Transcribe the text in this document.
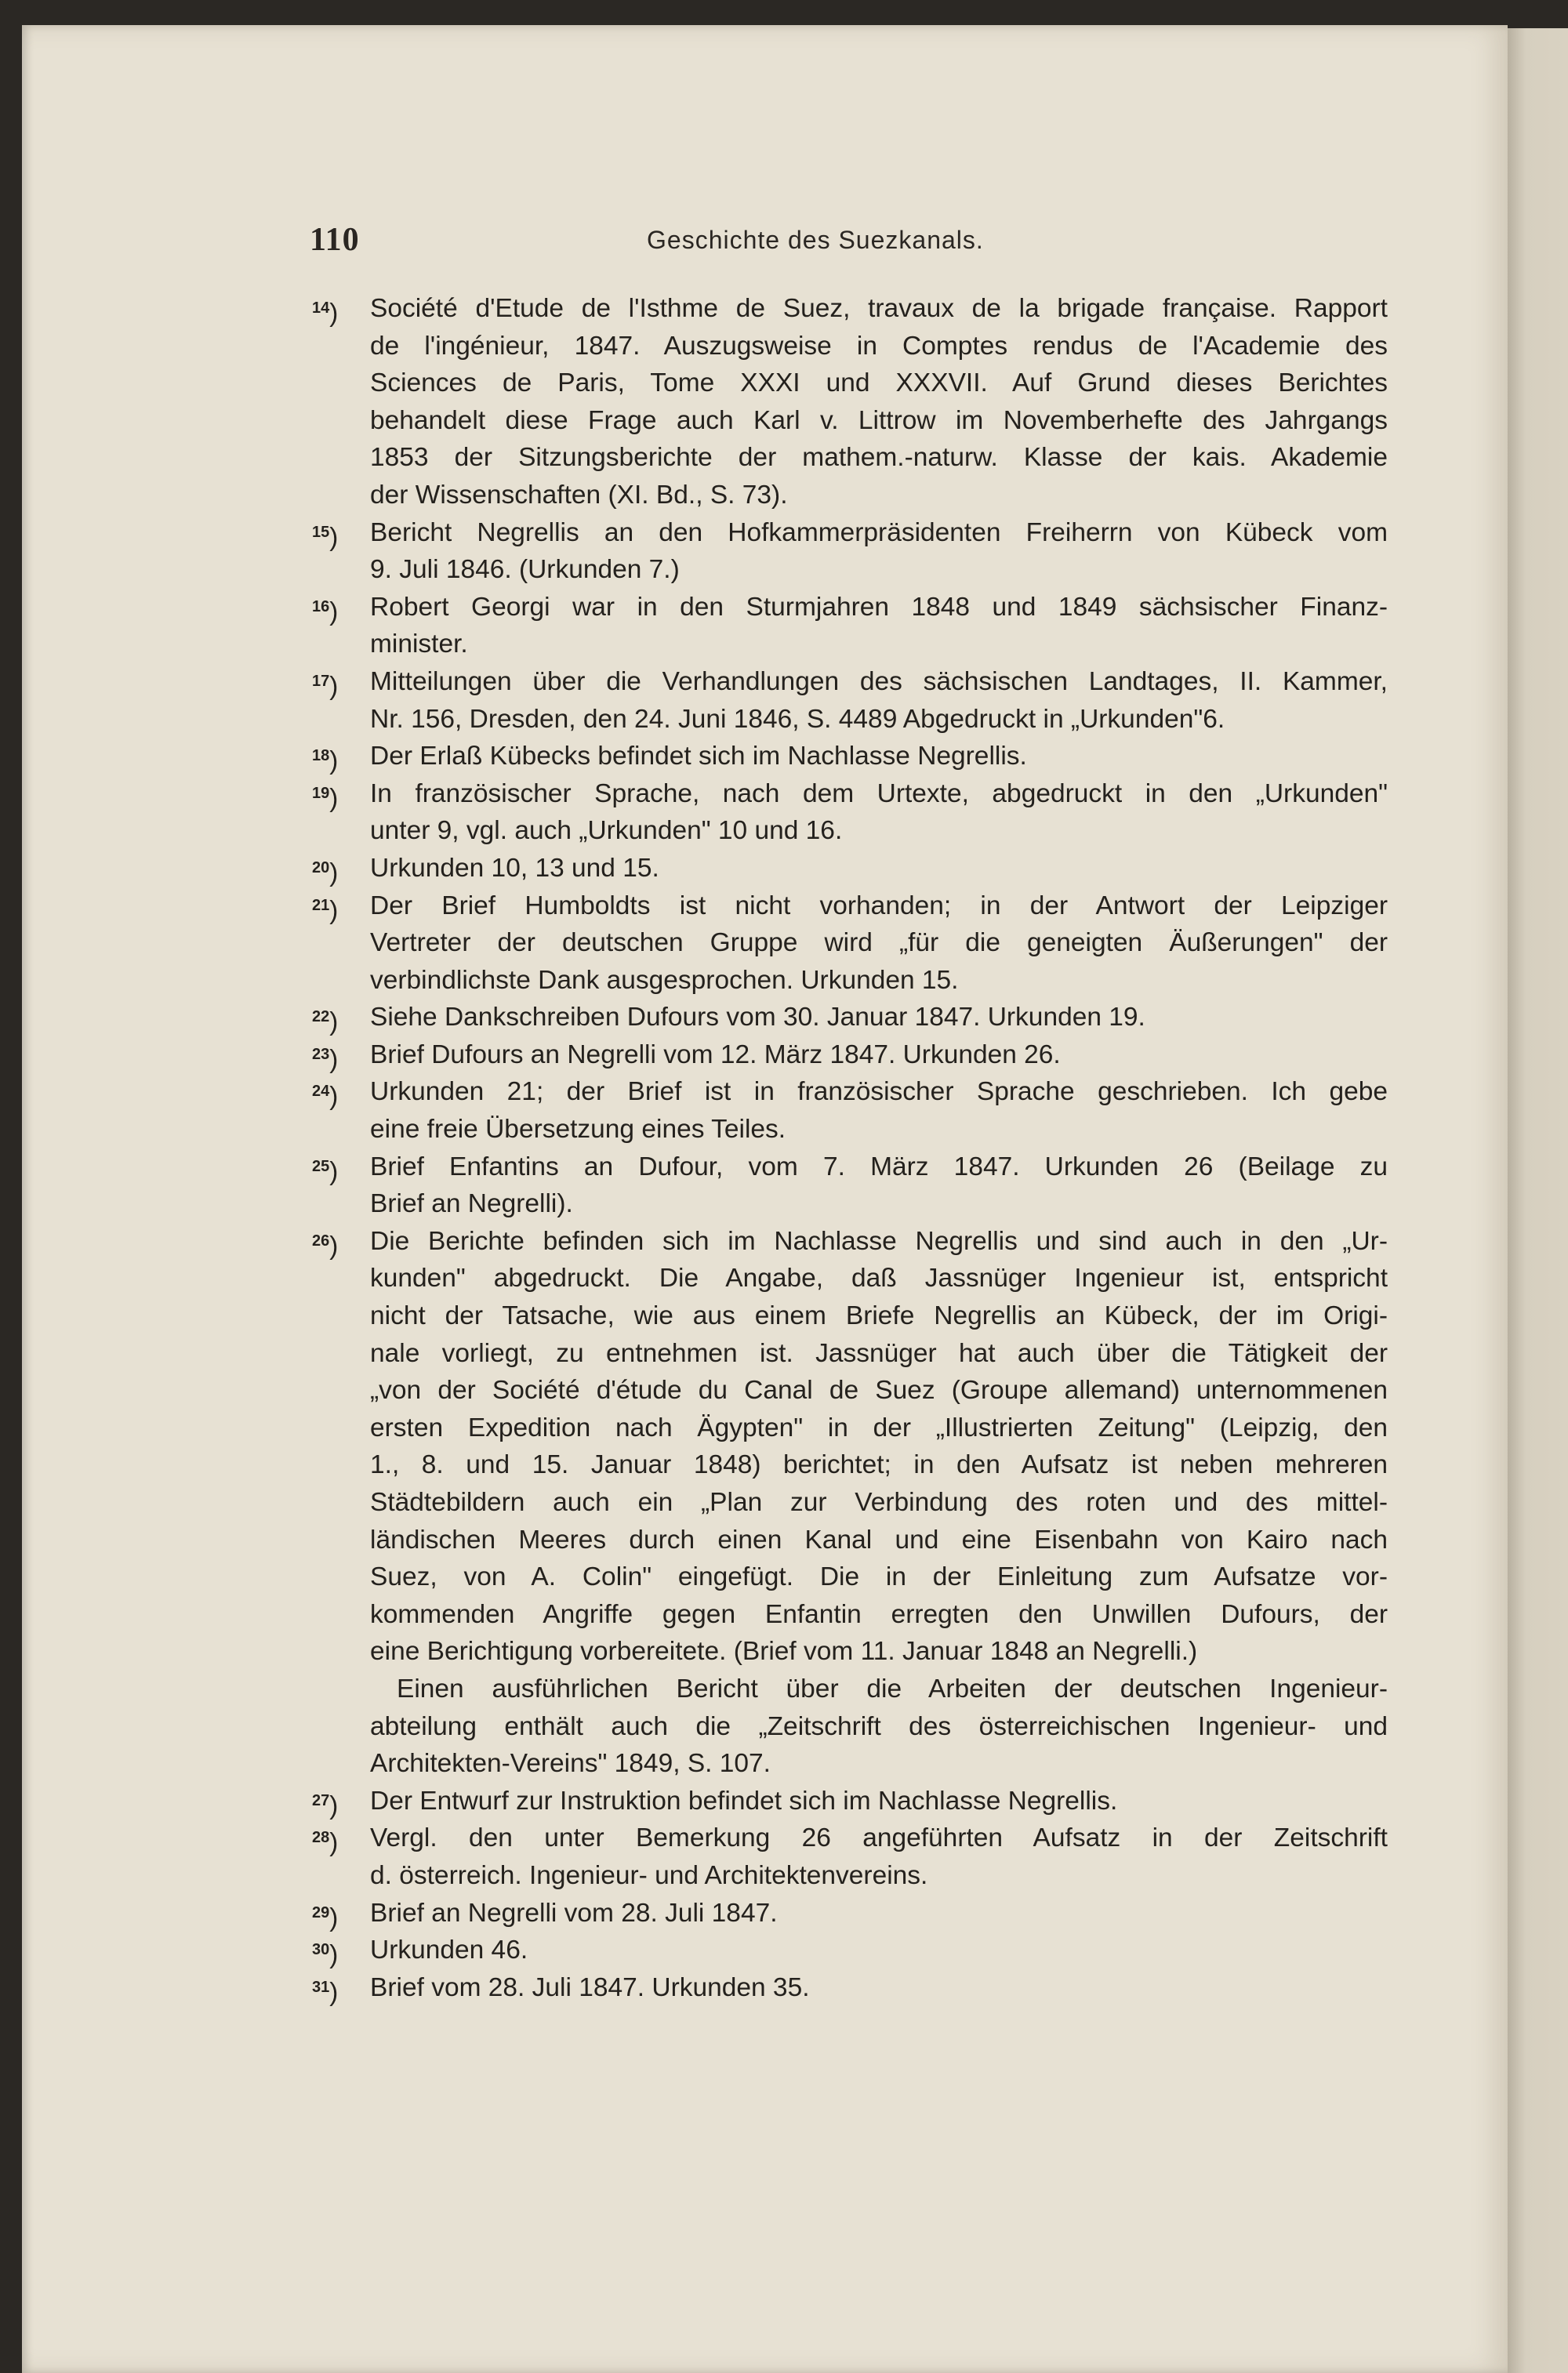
110	Geschichte des Suezkanals.
$^{14}$)	Société d'Etude de l'Isthme de Suez, travaux de la brigade française. Rapport
de l'ingénieur, 1847. Auszugsweise in Comptes rendus de l'Academie des
Sciences de Paris, Tome XXXI und XXXVII. Auf Grund dieses Berichtes
behandelt diese Frage auch Karl v. Littrow im Novemberhefte des Jahrgangs
1853 der Sitzungsberichte der mathem.-naturw. Klasse der kais. Akademie
der Wissenschaften (XI. Bd., S. 73).
$^{15}$)	Bericht Negrellis an den Hofkammerpräsidenten Freiherrn von Kübeck vom
9. Juli 1846. (Urkunden 7.)
$^{16}$)	Robert Georgi war in den Sturmjahren 1848 und 1849 sächsischer Finanz-
minister.
$^{17}$)	Mitteilungen über die Verhandlungen des sächsischen Landtages, II. Kammer,
Nr. 156, Dresden, den 24. Juni 1846, S. 4489 Abgedruckt in „Urkunden"6.
$^{18}$)	Der Erlaß Kübecks befindet sich im Nachlasse Negrellis.
$^{19}$)	In französischer Sprache, nach dem Urtexte, abgedruckt in den „Urkunden"
unter 9, vgl. auch „Urkunden" 10 und 16.
$^{20}$)	Urkunden 10, 13 und 15.
$^{21}$)	Der Brief Humboldts ist nicht vorhanden; in der Antwort der Leipziger
Vertreter der deutschen Gruppe wird „für die geneigten Äußerungen" der
verbindlichste Dank ausgesprochen. Urkunden 15.
$^{22}$)	Siehe Dankschreiben Dufours vom 30. Januar 1847. Urkunden 19.
$^{23}$)	Brief Dufours an Negrelli vom 12. März 1847. Urkunden 26.
$^{24}$)	Urkunden 21; der Brief ist in französischer Sprache geschrieben. Ich gebe
eine freie Übersetzung eines Teiles.
$^{25}$)	Brief Enfantins an Dufour, vom 7. März 1847. Urkunden 26 (Beilage zu
Brief an Negrelli).
$^{26}$)	Die Berichte befinden sich im Nachlasse Negrellis und sind auch in den „Ur-
kunden" abgedruckt. Die Angabe, daß Jassnüger Ingenieur ist, entspricht
nicht der Tatsache, wie aus einem Briefe Negrellis an Kübeck, der im Origi-
nale vorliegt, zu entnehmen ist. Jassnüger hat auch über die Tätigkeit der
„von der Société d'étude du Canal de Suez (Groupe allemand) unternommenen
ersten Expedition nach Ägypten" in der „Illustrierten Zeitung" (Leipzig, den
1., 8. und 15. Januar 1848) berichtet; in den Aufsatz ist neben mehreren
Städtebildern auch ein „Plan zur Verbindung des roten und des mittel-
ländischen Meeres durch einen Kanal und eine Eisenbahn von Kairo nach
Suez, von A. Colin" eingefügt. Die in der Einleitung zum Aufsatze vor-
kommenden Angriffe gegen Enfantin erregten den Unwillen Dufours, der
eine Berichtigung vorbereitete. (Brief vom 11. Januar 1848 an Negrelli.)
Einen ausführlichen Bericht über die Arbeiten der deutschen Ingenieur-
abteilung enthält auch die „Zeitschrift des österreichischen Ingenieur- und
Architekten-Vereins" 1849, S. 107.
$^{27}$)	Der Entwurf zur Instruktion befindet sich im Nachlasse Negrellis.
$^{28}$)	Vergl. den unter Bemerkung 26 angeführten Aufsatz in der Zeitschrift
d. österreich. Ingenieur- und Architektenvereins.
$^{29}$)	Brief an Negrelli vom 28. Juli 1847.
$^{30}$)	Urkunden 46.
$^{31}$)	Brief vom 28. Juli 1847. Urkunden 35.
